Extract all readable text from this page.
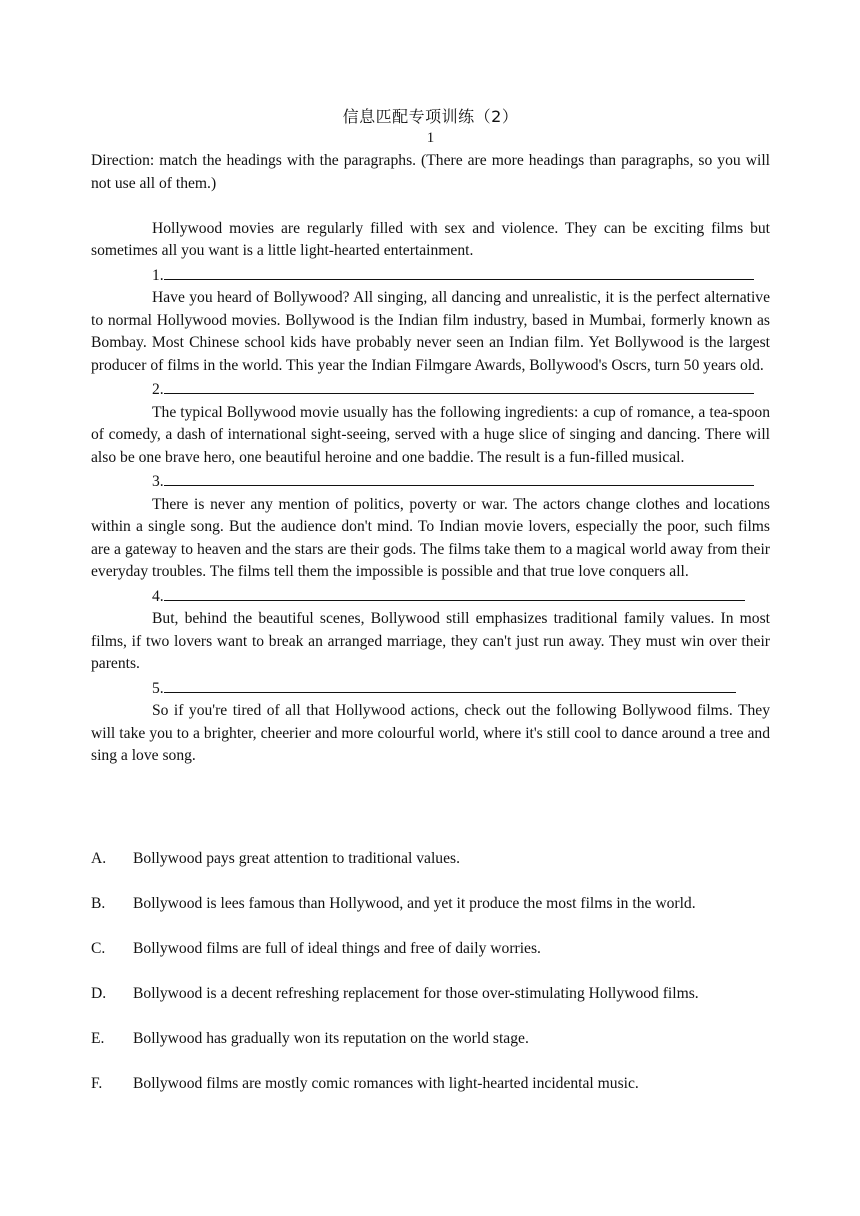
信息匹配专项训练（2）
1

Direction: match the headings with the paragraphs. (There are more headings than paragraphs, so you will not use all of them.)

Hollywood movies are regularly filled with sex and violence. They can be exciting films but sometimes all you want is a little light-hearted entertainment.

1.

Have you heard of Bollywood? All singing, all dancing and unrealistic, it is the perfect alternative to normal Hollywood movies. Bollywood is the Indian film industry, based in Mumbai, formerly known as Bombay. Most Chinese school kids have probably never seen an Indian film. Yet Bollywood is the largest producer of films in the world. This year the Indian Filmgare Awards, Bollywood's Oscrs, turn 50 years old.

2.

The typical Bollywood movie usually has the following ingredients: a cup of romance, a tea-spoon of comedy, a dash of international sight-seeing, served with a huge slice of singing and dancing. There will also be one brave hero, one beautiful heroine and one baddie. The result is a fun-filled musical.

3.

There is never any mention of politics, poverty or war. The actors change clothes and locations within a single song. But the audience don't mind. To Indian movie lovers, especially the poor, such films are a gateway to heaven and the stars are their gods. The films take them to a magical world away from their everyday troubles. The films tell them the impossible is possible and that true love conquers all.

4.

But, behind the beautiful scenes, Bollywood still emphasizes traditional family values. In most films, if two lovers want to break an arranged marriage, they can't just run away. They must win over their parents.

5.

So if you're tired of all that Hollywood actions, check out the following Bollywood films. They will take you to a brighter, cheerier and more colourful world, where it's still cool to dance around a tree and sing a love song.

A. Bollywood pays great attention to traditional values.
B. Bollywood is lees famous than Hollywood, and yet it produce the most films in the world.
C. Bollywood films are full of ideal things and free of daily worries.
D. Bollywood is a decent refreshing replacement for those over-stimulating Hollywood films.
E. Bollywood has gradually won its reputation on the world stage.
F. Bollywood films are mostly comic romances with light-hearted incidental music.
